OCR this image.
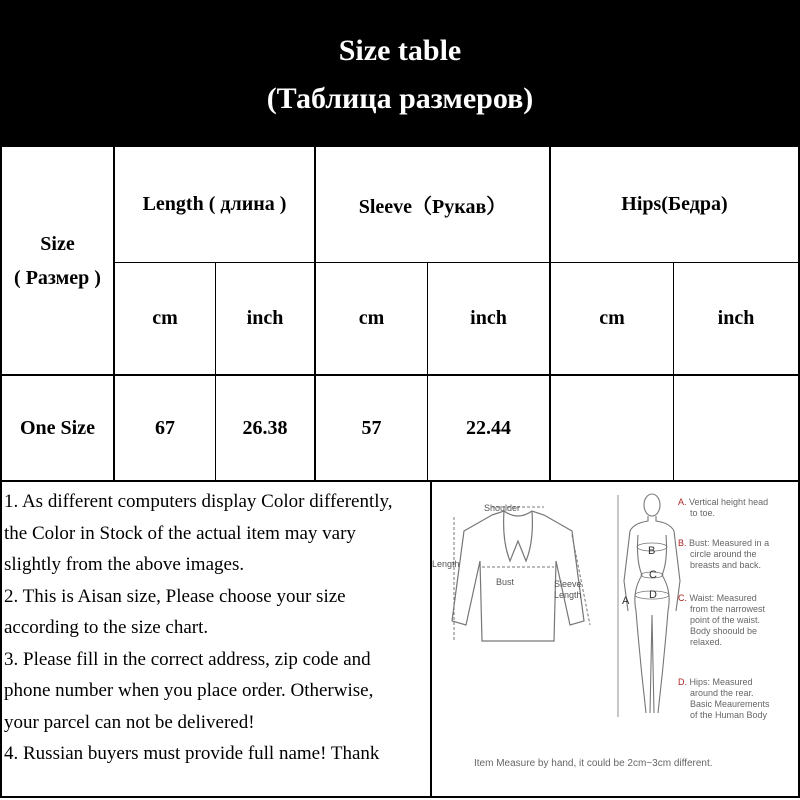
Size table
(Таблица размеров)
Size
( Размер )
Length ( длина )	Sleeve（Рукав）	Hips(Бедра)
cm	inch	cm	inch	cm	inch
One Size	67	26.38	57	22.44
1. As different computers display Color differently,
the Color in Stock of the actual item may vary
slightly from the above images.
2. This is Aisan size, Please choose your size
according to the size chart.
3. Please fill in the correct address, zip code and
phone number when you place order. Otherwise,
your parcel can not be delivered!
4. Russian buyers must provide full name! Thank
Shoulder
Length
Bust	Sleeve
Length	A
B
C
D
A. Vertical height head
to toe.
B. Bust: Measured in a
circle around the
breasts and back.
C. Waist: Measured
from the narrowest
point of the waist.
Body shoould be
relaxed.
D. Hips: Measured
around the rear.
Basic Meaurements
of the Human Body
Item Measure by hand, it could be 2cm~3cm different.
